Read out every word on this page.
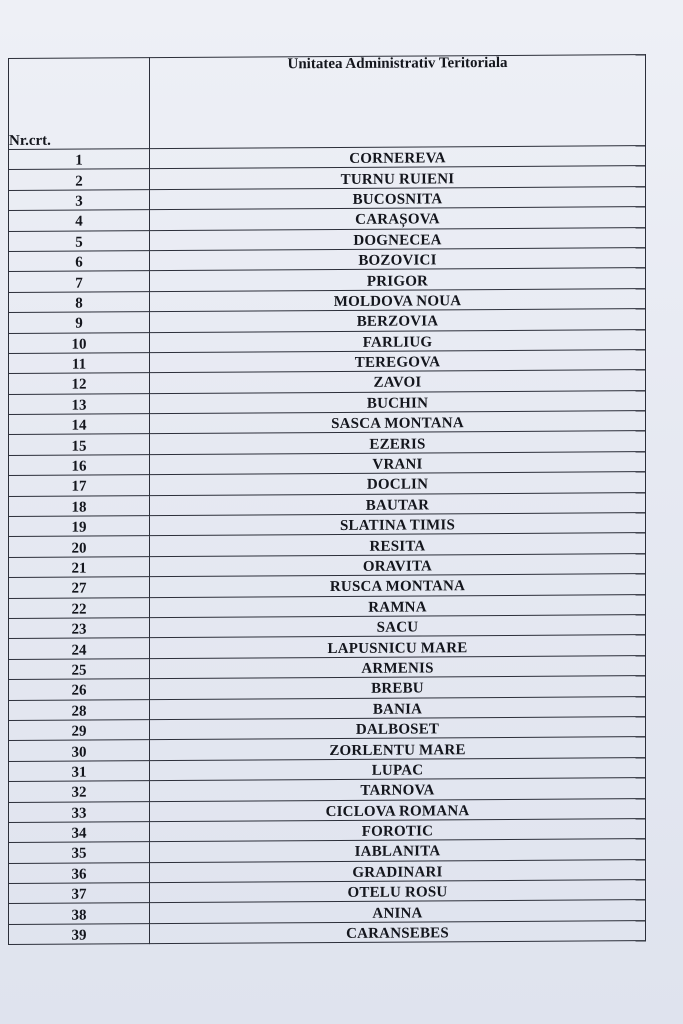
Nr.crt.	Unitatea Administrativ Teritoriala
1	CORNEREVA
2	TURNU RUIENI
3	BUCOSNITA
4	CARAȘOVA
5	DOGNECEA
6	BOZOVICI
7	PRIGOR
8	MOLDOVA NOUA
9	BERZOVIA
10	FARLIUG
11	TEREGOVA
12	ZAVOI
13	BUCHIN
14	SASCA MONTANA
15	EZERIS
16	VRANI
17	DOCLIN
18	BAUTAR
19	SLATINA TIMIS
20	RESITA
21	ORAVITA
27	RUSCA MONTANA
22	RAMNA
23	SACU
24	LAPUSNICU MARE
25	ARMENIS
26	BREBU
28	BANIA
29	DALBOSET
30	ZORLENTU MARE
31	LUPAC
32	TARNOVA
33	CICLOVA ROMANA
34	FOROTIC
35	IABLANITA
36	GRADINARI
37	OTELU ROSU
38	ANINA
39	CARANSEBES
